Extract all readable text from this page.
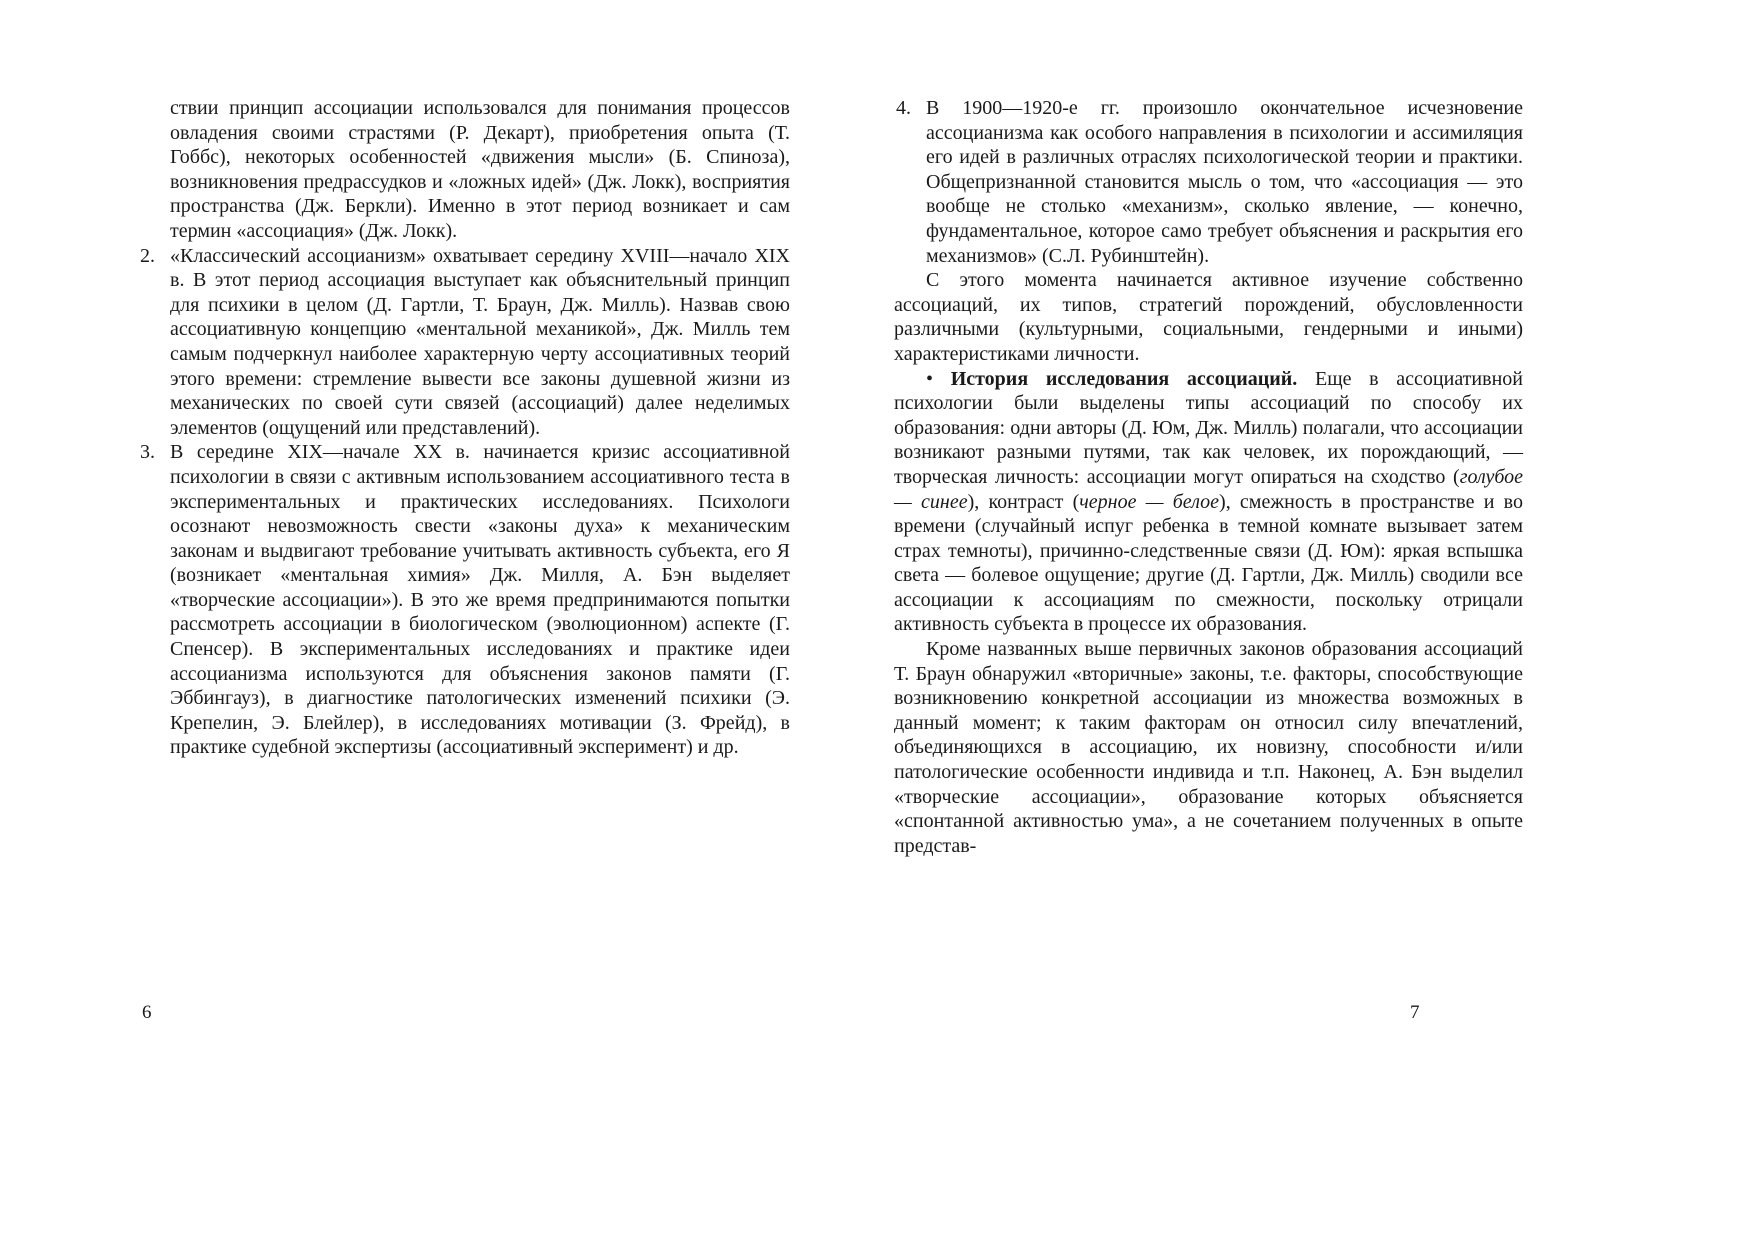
ствии принцип ассоциации использовался для понимания процессов овладения своими страстями (Р. Декарт), приобретения опыта (Т. Гоббс), некоторых особенностей «движения мысли» (Б. Спиноза), возникновения предрассудков и «ложных идей» (Дж. Локк), восприятия пространства (Дж. Беркли). Именно в этот период возникает и сам термин «ассоциация» (Дж. Локк).

2. «Классический ассоцианизм» охватывает середину XVIII—начало XIX в. В этот период ассоциация выступает как объяснительный принцип для психики в целом (Д. Гартли, Т. Браун, Дж. Милль). Назвав свою ассоциативную концепцию «ментальной механикой», Дж. Милль тем самым подчеркнул наиболее характерную черту ассоциативных теорий этого времени: стремление вывести все законы душевной жизни из механических по своей сути связей (ассоциаций) далее неделимых элементов (ощущений или представлений).

3. В середине XIX—начале XX в. начинается кризис ассоциативной психологии в связи с активным использованием ассоциативного теста в экспериментальных и практических исследованиях. Психологи осознают невозможность свести «законы духа» к механическим законам и выдвигают требование учитывать активность субъекта, его Я (возникает «ментальная химия» Дж. Милля, А. Бэн выделяет «творческие ассоциации»). В это же время предпринимаются попытки рассмотреть ассоциации в биологическом (эволюционном) аспекте (Г. Спенсер). В экспериментальных исследованиях и практике идеи ассоцианизма используются для объяснения законов памяти (Г. Эббингауз), в диагностике патологических изменений психики (Э. Крепелин, Э. Блейлер), в исследованиях мотивации (З. Фрейд), в практике судебной экспертизы (ассоциативный эксперимент) и др.

4. В 1900—1920-е гг. произошло окончательное исчезновение ассоцианизма как особого направления в психологии и ассимиляция его идей в различных отраслях психологической теории и практики. Общепризнанной становится мысль о том, что «ассоциация — это вообще не столько «механизм», сколько явление, — конечно, фундаментальное, которое само требует объяснения и раскрытия его механизмов» (С.Л. Рубинштейн).

С этого момента начинается активное изучение собственно ассоциаций, их типов, стратегий порождений, обусловленности различными (культурными, социальными, гендерными и иными) характеристиками личности.

• История исследования ассоциаций. Еще в ассоциативной психологии были выделены типы ассоциаций по способу их образования: одни авторы (Д. Юм, Дж. Милль) полагали, что ассоциации возникают разными путями, так как человек, их порождающий, — творческая личность: ассоциации могут опираться на сходство (голубое — синее), контраст (черное — белое), смежность в пространстве и во времени (случайный испуг ребенка в темной комнате вызывает затем страх темноты), причинно-следственные связи (Д. Юм): яркая вспышка света — болевое ощущение; другие (Д. Гартли, Дж. Милль) сводили все ассоциации к ассоциациям по смежности, поскольку отрицали активность субъекта в процессе их образования.

Кроме названных выше первичных законов образования ассоциаций Т. Браун обнаружил «вторичные» законы, т.е. факторы, способствующие возникновению конкретной ассоциации из множества возможных в данный момент; к таким факторам он относил силу впечатлений, объединяющихся в ассоциацию, их новизну, способности и/или патологические особенности индивида и т.п. Наконец, А. Бэн выделил «творческие ассоциации», образование которых объясняется «спонтанной активностью ума», а не сочетанием полученных в опыте представ-

6	7
